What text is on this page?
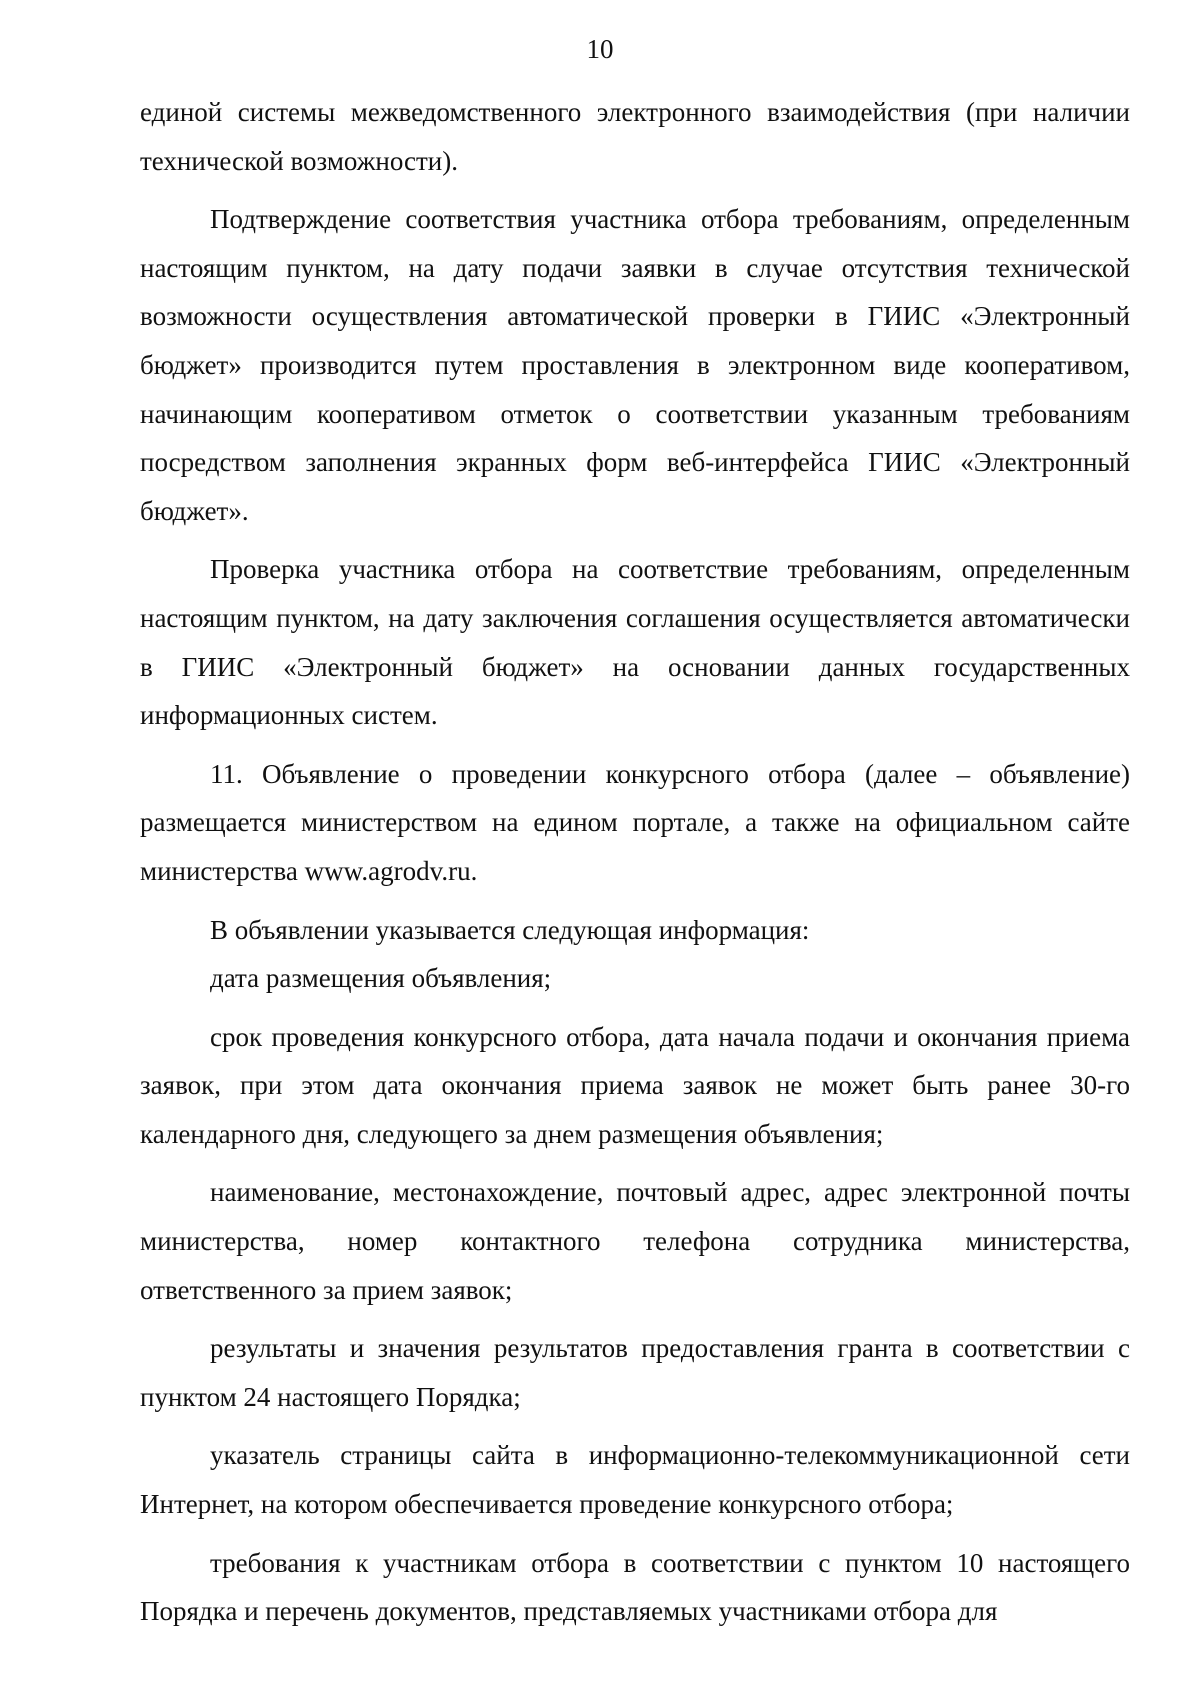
10

единой системы межведомственного электронного взаимодействия (при наличии технической возможности).

Подтверждение соответствия участника отбора требованиям, определенным настоящим пунктом, на дату подачи заявки в случае отсутствия технической возможности осуществления автоматической проверки в ГИИС «Электронный бюджет» производится путем проставления в электронном виде кооперативом, начинающим кооперативом отметок о соответствии указанным требованиям посредством заполнения экранных форм веб-интерфейса ГИИС «Электронный бюджет».

Проверка участника отбора на соответствие требованиям, определенным настоящим пунктом, на дату заключения соглашения осуществляется автоматически в ГИИС «Электронный бюджет» на основании данных государственных информационных систем.

11. Объявление о проведении конкурсного отбора (далее – объявление) размещается министерством на едином портале, а также на официальном сайте министерства www.agrodv.ru.

В объявлении указывается следующая информация:

дата размещения объявления;

срок проведения конкурсного отбора, дата начала подачи и окончания приема заявок, при этом дата окончания приема заявок не может быть ранее 30-го календарного дня, следующего за днем размещения объявления;

наименование, местонахождение, почтовый адрес, адрес электронной почты министерства, номер контактного телефона сотрудника министерства, ответственного за прием заявок;

результаты и значения результатов предоставления гранта в соответствии с пунктом 24 настоящего Порядка;

указатель страницы сайта в информационно-телекоммуникационной сети Интернет, на котором обеспечивается проведение конкурсного отбора;

требования к участникам отбора в соответствии с пунктом 10 настоящего Порядка и перечень документов, представляемых участниками отбора для
